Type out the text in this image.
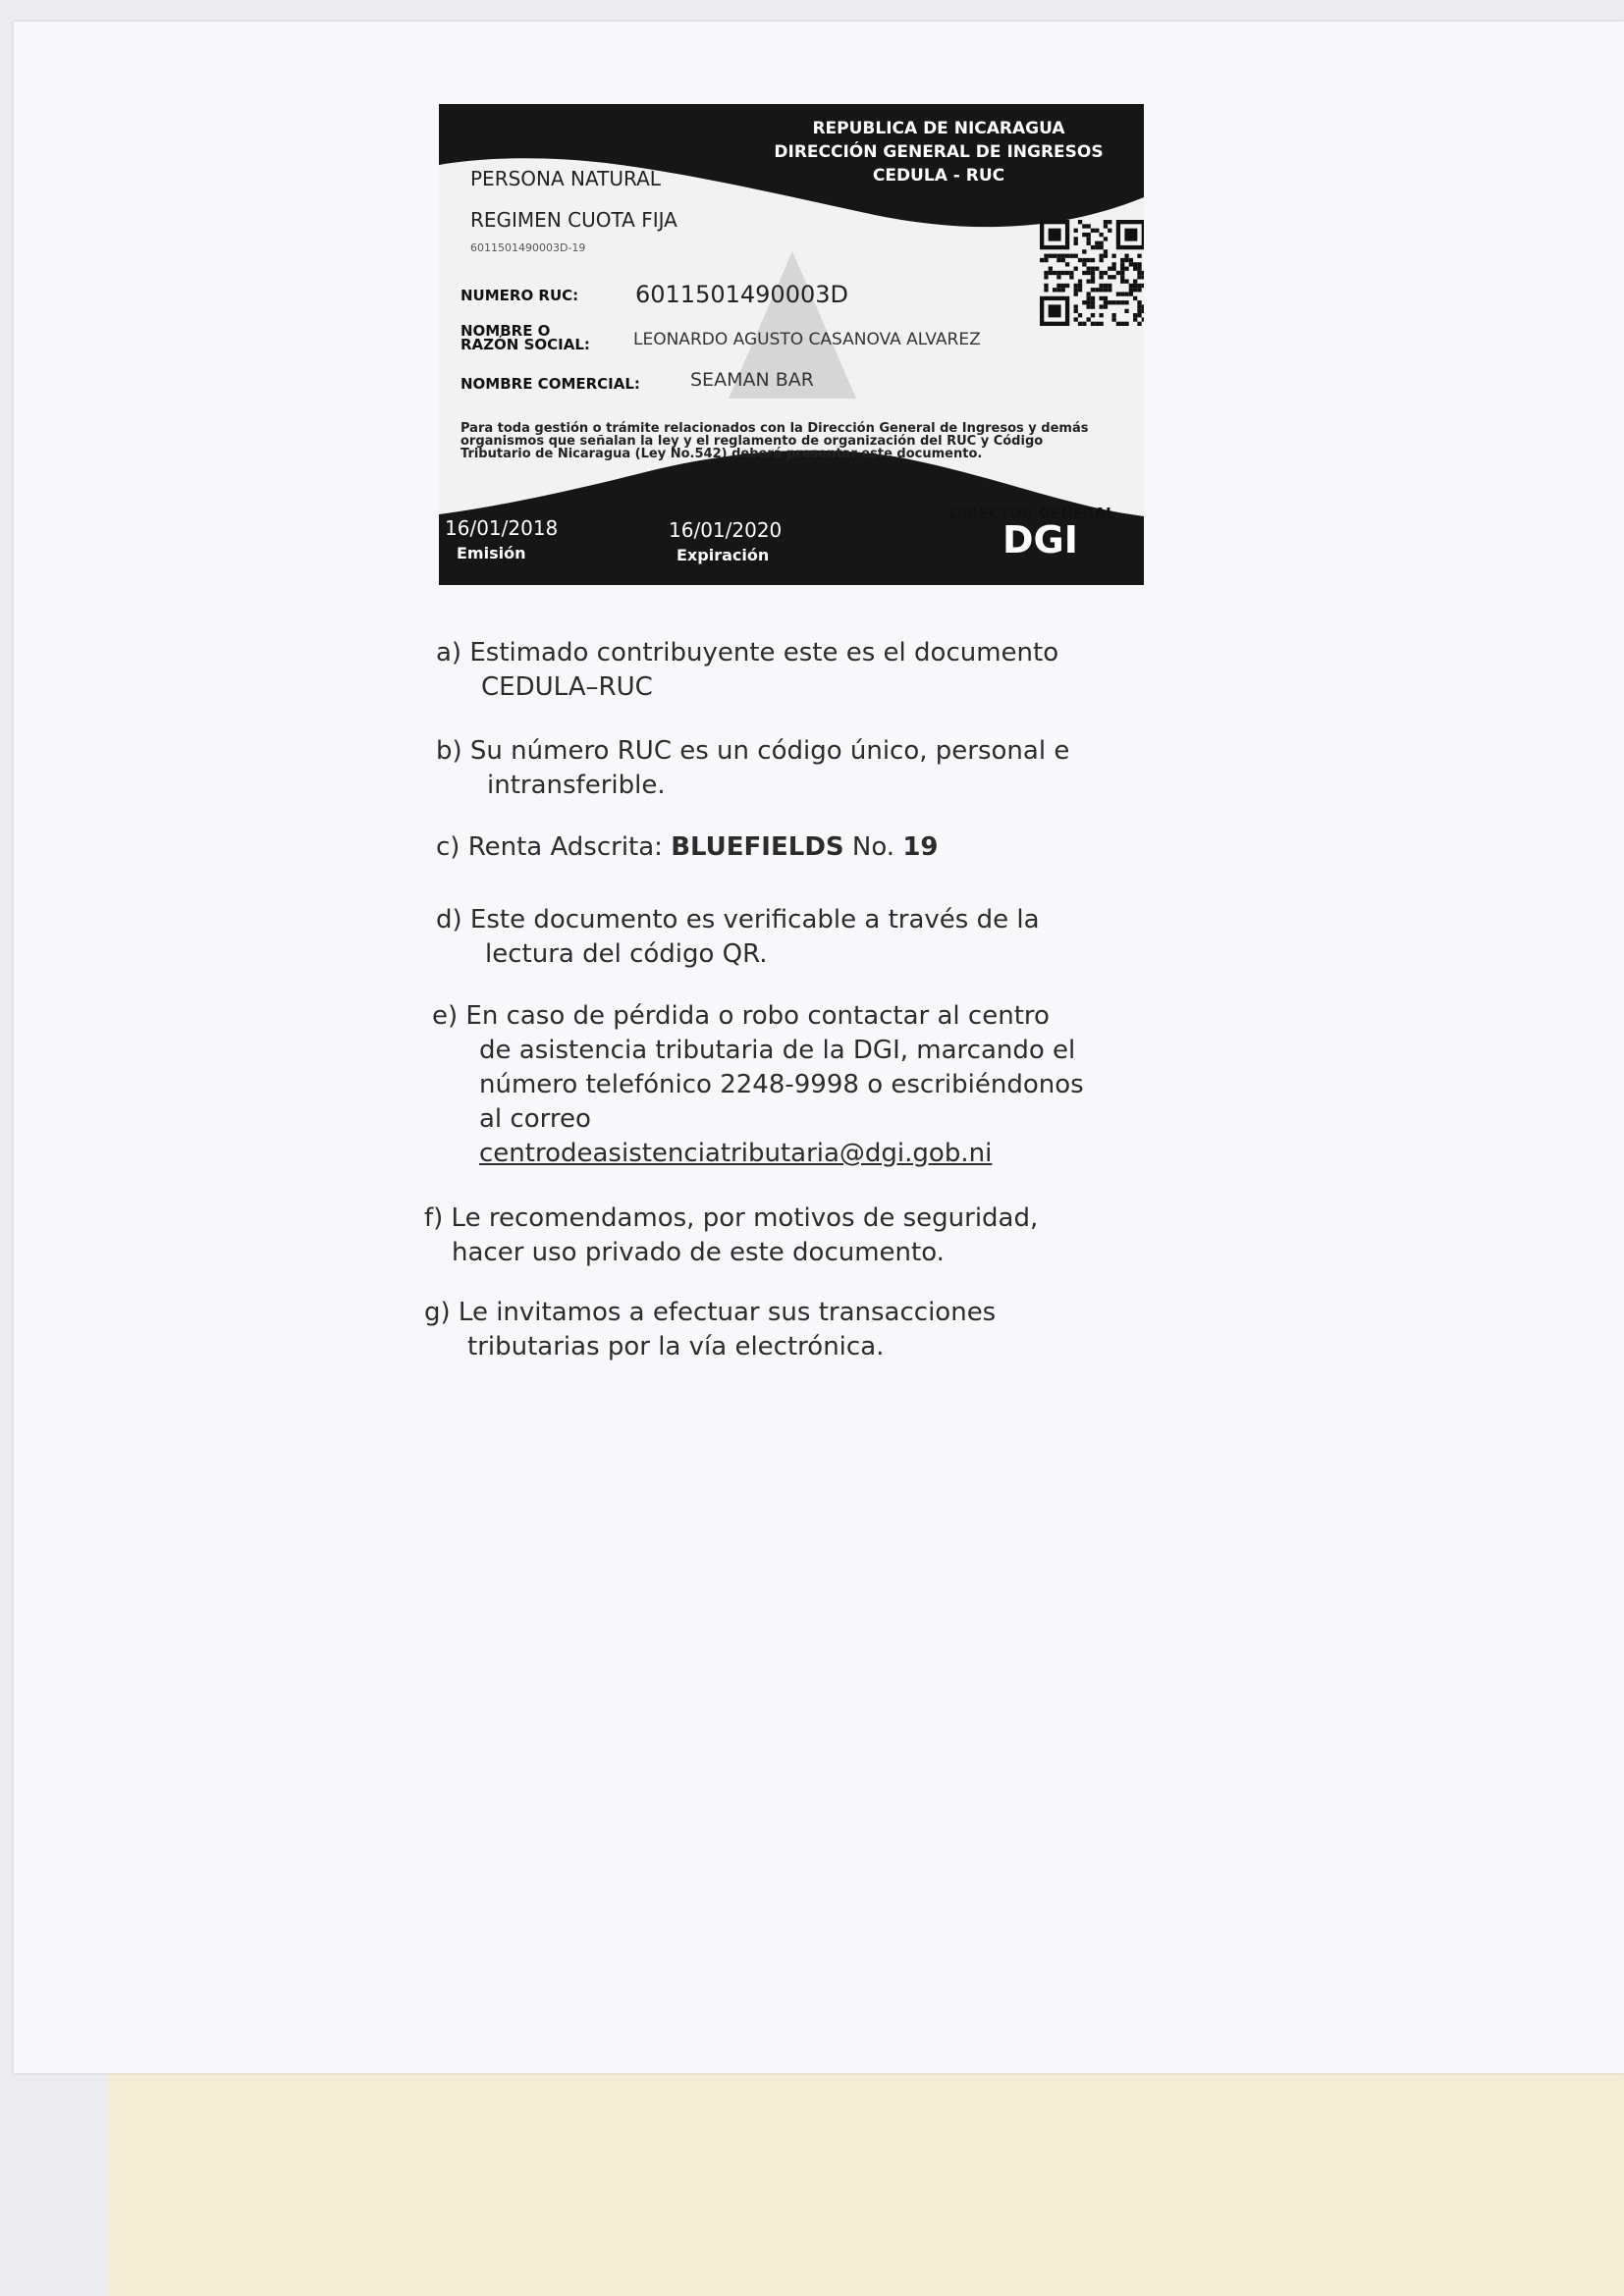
REPUBLICA DE NICARAGUA
DIRECCIÓN GENERAL DE INGRESOS
CEDULA - RUC
PERSONA NATURAL
REGIMEN CUOTA FIJA
6011501490003D-19
NUMERO RUC: 6011501490003D
NOMBRE O
RAZÓN SOCIAL:	LEONARDO AGUSTO CASANOVA ALVAREZ
NOMBRE COMERCIAL:	SEAMAN BAR
Para toda gestión o trámite relacionados con la Dirección General de Ingresos y demás organismos que señalan la ley y el reglamento de organización del RUC y Código Tributario de Nicaragua (Ley No.542) deberá presentar este documento.
16/01/2018
Emisión
16/01/2020
Expiración
DIRECTOR GENERAL
DGI
a) Estimado contribuyente este es el documento
CEDULA–RUC
b) Su número RUC es un código único, personal e
intransferible.
c) Renta Adscrita: BLUEFIELDS No. 19
d) Este documento es verificable a través de la
lectura del código QR.
e) En caso de pérdida o robo contactar al centro
de asistencia tributaria de la DGI, marcando el
número telefónico 2248-9998 o escribiéndonos
al correo
centrodeasistenciatributaria@dgi.gob.ni
f) Le recomendamos, por motivos de seguridad,
hacer uso privado de este documento.
g) Le invitamos a efectuar sus transacciones
tributarias por la vía electrónica.
